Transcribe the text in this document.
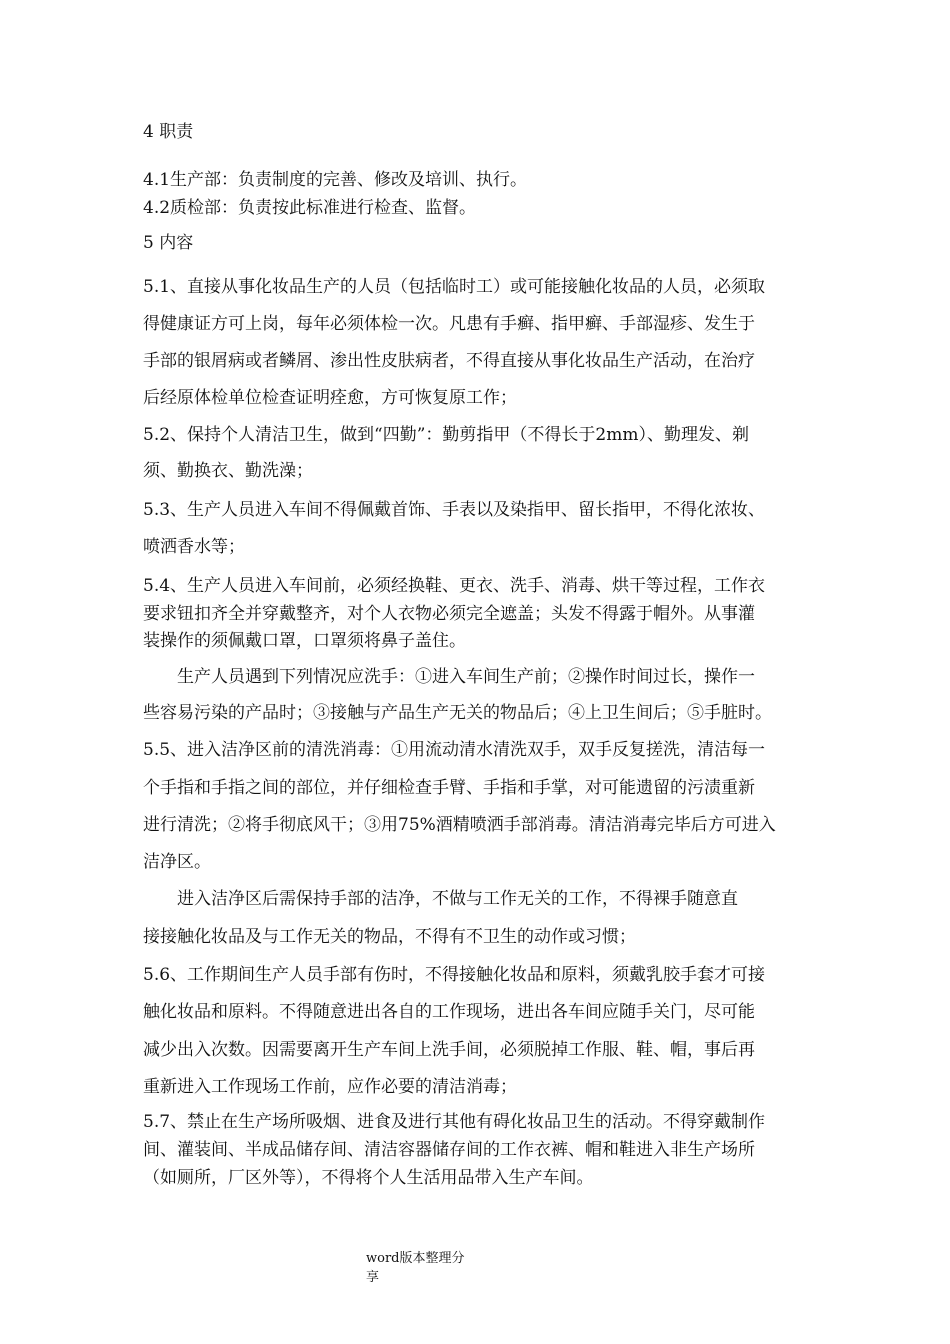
4 职责
4.1生产部：负责制度的完善、修改及培训、执行。
4.2质检部：负责按此标准进行检查、监督。
5 内容
5.1、直接从事化妆品生产的人员（包括临时工）或可能接触化妆品的人员，必须取
得健康证方可上岗，每年必须体检一次。凡患有手癣、指甲癣、手部湿疹、发生于
手部的银屑病或者鳞屑、渗出性皮肤病者，不得直接从事化妆品生产活动，在治疗
后经原体检单位检查证明痊愈，方可恢复原工作；
5.2、保持个人清洁卫生，做到“四勤”：勤剪指甲（不得长于2mm）、勤理发、剃
须、勤换衣、勤洗澡；
5.3、生产人员进入车间不得佩戴首饰、手表以及染指甲、留长指甲，不得化浓妆、
喷洒香水等；
5.4、生产人员进入车间前，必须经换鞋、更衣、洗手、消毒、烘干等过程，工作衣
要求钮扣齐全并穿戴整齐，对个人衣物必须完全遮盖；头发不得露于帽外。从事灌
装操作的须佩戴口罩，口罩须将鼻子盖住。
生产人员遇到下列情况应洗手：①进入车间生产前；②操作时间过长，操作一
些容易污染的产品时；③接触与产品生产无关的物品后；④上卫生间后；⑤手脏时。
5.5、进入洁净区前的清洗消毒：①用流动清水清洗双手，双手反复搓洗，清洁每一
个手指和手指之间的部位，并仔细检查手臂、手指和手掌，对可能遗留的污渍重新
进行清洗；②将手彻底风干；③用75%酒精喷洒手部消毒。清洁消毒完毕后方可进入
洁净区。
进入洁净区后需保持手部的洁净，不做与工作无关的工作，不得裸手随意直
接接触化妆品及与工作无关的物品，不得有不卫生的动作或习惯；
5.6、工作期间生产人员手部有伤时，不得接触化妆品和原料，须戴乳胶手套才可接
触化妆品和原料。不得随意进出各自的工作现场，进出各车间应随手关门，尽可能
减少出入次数。因需要离开生产车间上洗手间，必须脱掉工作服、鞋、帽，事后再
重新进入工作现场工作前，应作必要的清洁消毒；
5.7、禁止在生产场所吸烟、进食及进行其他有碍化妆品卫生的活动。不得穿戴制作
间、灌装间、半成品储存间、清洁容器储存间的工作衣裤、帽和鞋进入非生产场所
（如厕所，厂区外等），不得将个人生活用品带入生产车间。
word版本整理分
享
